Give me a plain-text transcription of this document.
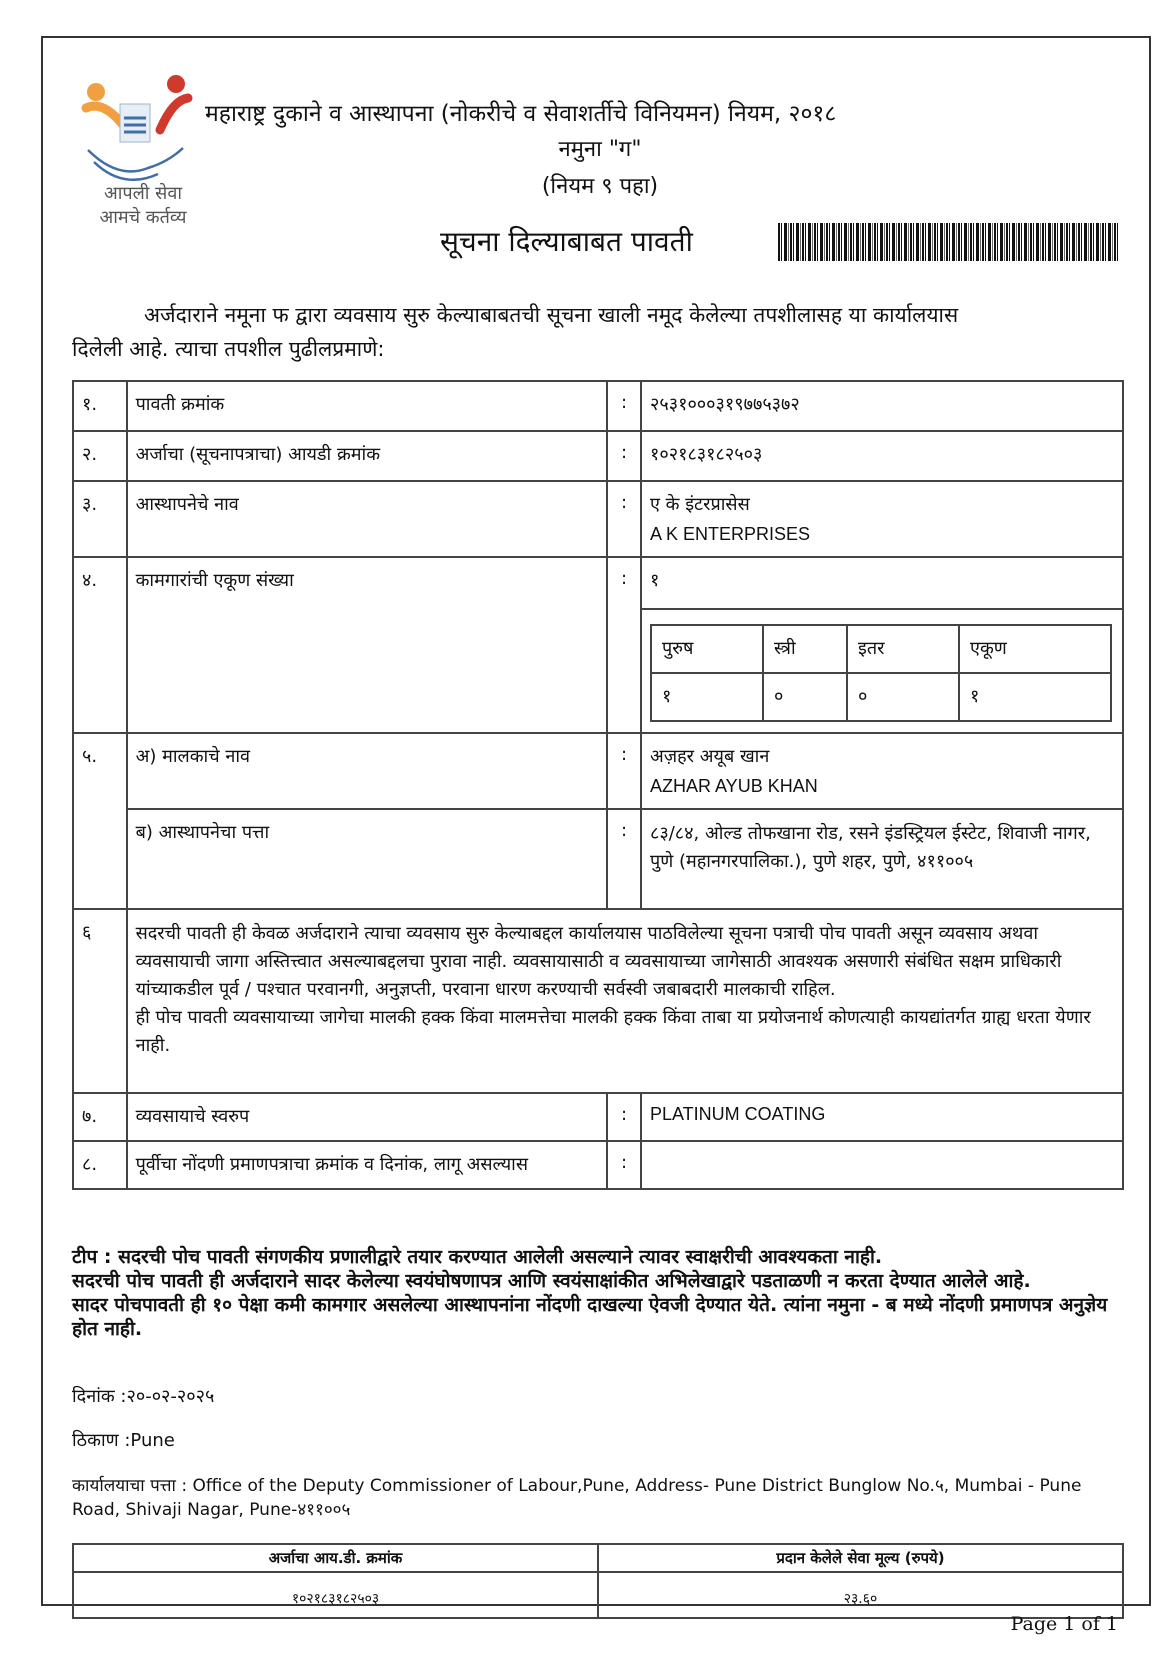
आपली सेवा
आमचे कर्तव्य
महाराष्ट्र दुकाने व आस्थापना (नोकरीचे व सेवाशर्तीचे विनियमन) नियम, २०१८
नमुना "ग"
(नियम ९ पहा)
सूचना दिल्याबाबत पावती
अर्जदाराने नमूना फ द्वारा व्यवसाय सुरु केल्याबाबतची सूचना खाली नमूद केलेल्या तपशीलासह या कार्यालयास
दिलेली आहे. त्याचा तपशील पुढीलप्रमाणे:
१.	पावती क्रमांक	:	२५३१०००३१९७७५३७२
२.	अर्जाचा (सूचनापत्राचा) आयडी क्रमांक	:	१०२१८३१८२५०३
३.	आस्थापनेचे नाव	:	ए के इंटरप्रासेस
A K ENTERPRISES

४.	कामगारांची एकूण संख्या	:	१
पुरुष	स्त्री	इतर	एकूण
१	०	०	१

५.	अ) मालकाचे नाव	:	अज़हर अयूब खान
AZHAR AYUB KHAN

ब) आस्थापनेचा पत्ता	:	८३/८४, ओल्ड तोफखाना रोड, रसने इंडस्ट्रियल ईस्टेट, शिवाजी नागर, पुणे (महानगरपालिका.), पुणे शहर, पुणे, ४११००५
६	सदरची पावती ही केवळ अर्जदाराने त्याचा व्यवसाय सुरु केल्याबद्दल कार्यालयास पाठविलेल्या सूचना पत्राची पोच पावती असून व्यवसाय अथवा व्यवसायाची जागा अस्तित्त्वात असल्याबद्दलचा पुरावा नाही. व्यवसायासाठी व व्यवसायाच्या जागेसाठी आवश्यक असणारी संबंधित सक्षम प्राधिकारी यांच्याकडील पूर्व / पश्चात परवानगी, अनुज्ञप्ती, परवाना धारण करण्याची सर्वस्वी जबाबदारी मालकाची राहिल.
ही पोच पावती व्यवसायाच्या जागेचा मालकी हक्क किंवा मालमत्तेचा मालकी हक्क किंवा ताबा या प्रयोजनार्थ कोणत्याही कायद्यांतर्गत ग्राह्य धरता येणार नाही.

७.	व्यवसायाचे स्वरुप	:	PLATINUM COATING
८.	पूर्वीचा नोंदणी प्रमाणपत्राचा क्रमांक व दिनांक, लागू असल्यास	:	
टीप : सदरची पोच पावती संगणकीय प्रणालीद्वारे तयार करण्यात आलेली असल्याने त्यावर स्वाक्षरीची आवश्यकता नाही.
सदरची पोच पावती ही अर्जदाराने सादर केलेल्या स्वयंघोषणापत्र आणि स्वयंसाक्षांकीत अभिलेखाद्वारे पडताळणी न करता देण्यात आलेले आहे.
सादर पोचपावती ही १० पेक्षा कमी कामगार असलेल्या आस्थापनांना नोंदणी दाखल्या ऐवजी देण्यात येते. त्यांना नमुना - ब मध्ये नोंदणी प्रमाणपत्र अनुज्ञेय होत नाही.
दिनांक :२०-०२-२०२५
ठिकाण :Pune
कार्यालयाचा पत्ता : Office of the Deputy Commissioner of Labour,Pune, Address- Pune District Bunglow No.५, Mumbai - Pune Road, Shivaji Nagar, Pune-४११००५
अर्जाचा आय.डी. क्रमांक	प्रदान केलेले सेवा मूल्य (रुपये)

१०२१८३१८२५०३	२३.६०
Page 1 of 1
